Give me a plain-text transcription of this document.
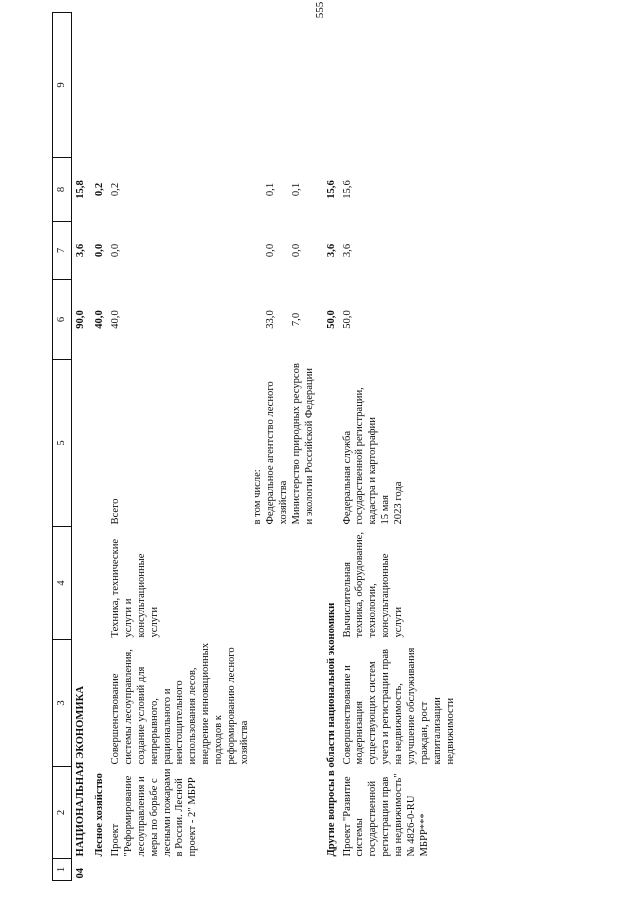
555
1	2	3	4	5	6	7	8	9
04	НАЦИОНАЛЬНАЯ ЭКОНОМИКА				90,0	3,6	15,8	
	Лесное хозяйство				40,0	0,0	0,2	
	Проект "Реформирование лесоуправления и меры по борьбе с лесными пожарами в России. Лесной проект - 2" МБРР	Совершенствование системы лесоуправления, создание условий для непрерывного, рационального и неистощительного использования лесов, внедрение инновационных подходов к реформированию лесного хозяйства	Техника, технические услуги и консультационные услуги	Всего	40,0	0,0	0,2	

				в том числе: Федеральное агентство лесного хозяйства	33,0	0,0	0,1	
				Министерство природных ресурсов и экологии Российской Федерации	7,0	0,0	0,1	

	Другие вопросы в области национальной экономики				50,0	3,6	15,6	
	Проект "Развитие системы государственной регистрации прав на недвижимость" № 4826-0-RU МБРР***	Совершенствование и модернизация существующих систем учета и регистрации прав на недвижимость, улучшение обслуживания граждан, рост капитализации недвижимости	Вычислительная техника, оборудование, технологии, консультационные услуги	Федеральная служба государственной регистрации, кадастра и картографии 15 мая 2023 года	50,0	3,6	15,6	
